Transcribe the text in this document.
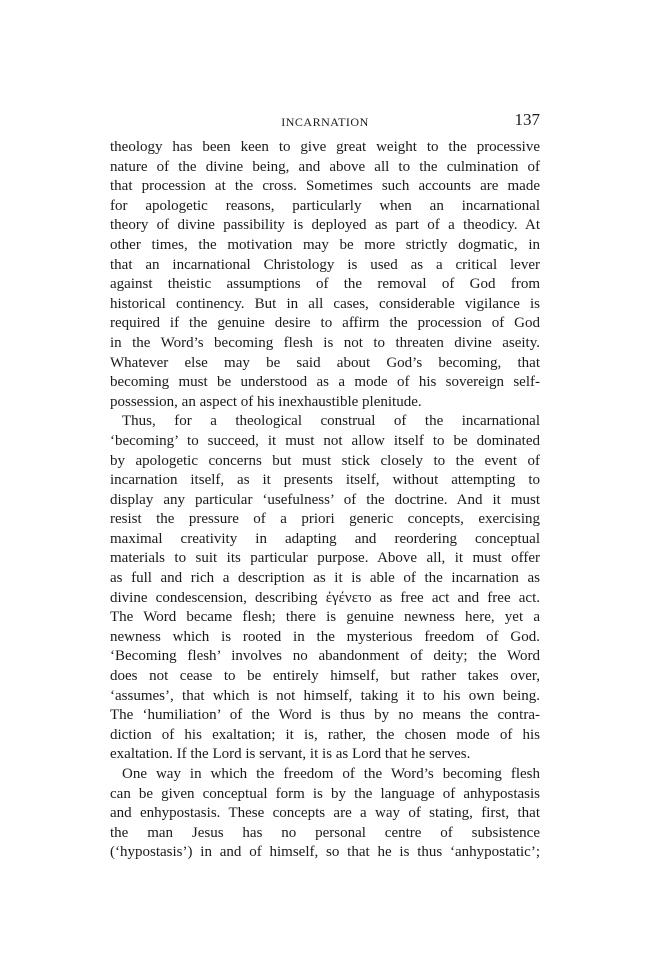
INCARNATION	137
theology has been keen to give great weight to the processive
nature of the divine being, and above all to the culmination of
that procession at the cross. Sometimes such accounts are made
for apologetic reasons, particularly when an incarnational
theory of divine passibility is deployed as part of a theodicy. At
other times, the motivation may be more strictly dogmatic, in
that an incarnational Christology is used as a critical lever
against theistic assumptions of the removal of God from
historical continency. But in all cases, considerable vigilance is
required if the genuine desire to affirm the procession of God
in the Word’s becoming flesh is not to threaten divine aseity.
Whatever else may be said about God’s becoming, that
becoming must be understood as a mode of his sovereign self-
possession, an aspect of his inexhaustible plenitude.
Thus, for a theological construal of the incarnational
‘becoming’ to succeed, it must not allow itself to be dominated
by apologetic concerns but must stick closely to the event of
incarnation itself, as it presents itself, without attempting to
display any particular ‘usefulness’ of the doctrine. And it must
resist the pressure of a priori generic concepts, exercising
maximal creativity in adapting and reordering conceptual
materials to suit its particular purpose. Above all, it must offer
as full and rich a description as it is able of the incarnation as
divine condescension, describing ἐγένετο as free act and free act.
The Word became flesh; there is genuine newness here, yet a
newness which is rooted in the mysterious freedom of God.
‘Becoming flesh’ involves no abandonment of deity; the Word
does not cease to be entirely himself, but rather takes over,
‘assumes’, that which is not himself, taking it to his own being.
The ‘humiliation’ of the Word is thus by no means the contra-
diction of his exaltation; it is, rather, the chosen mode of his
exaltation. If the Lord is servant, it is as Lord that he serves.
One way in which the freedom of the Word’s becoming flesh
can be given conceptual form is by the language of anhypostasis
and enhypostasis. These concepts are a way of stating, first, that
the man Jesus has no personal centre of subsistence
(‘hypostasis’) in and of himself, so that he is thus ‘anhypostatic’;
